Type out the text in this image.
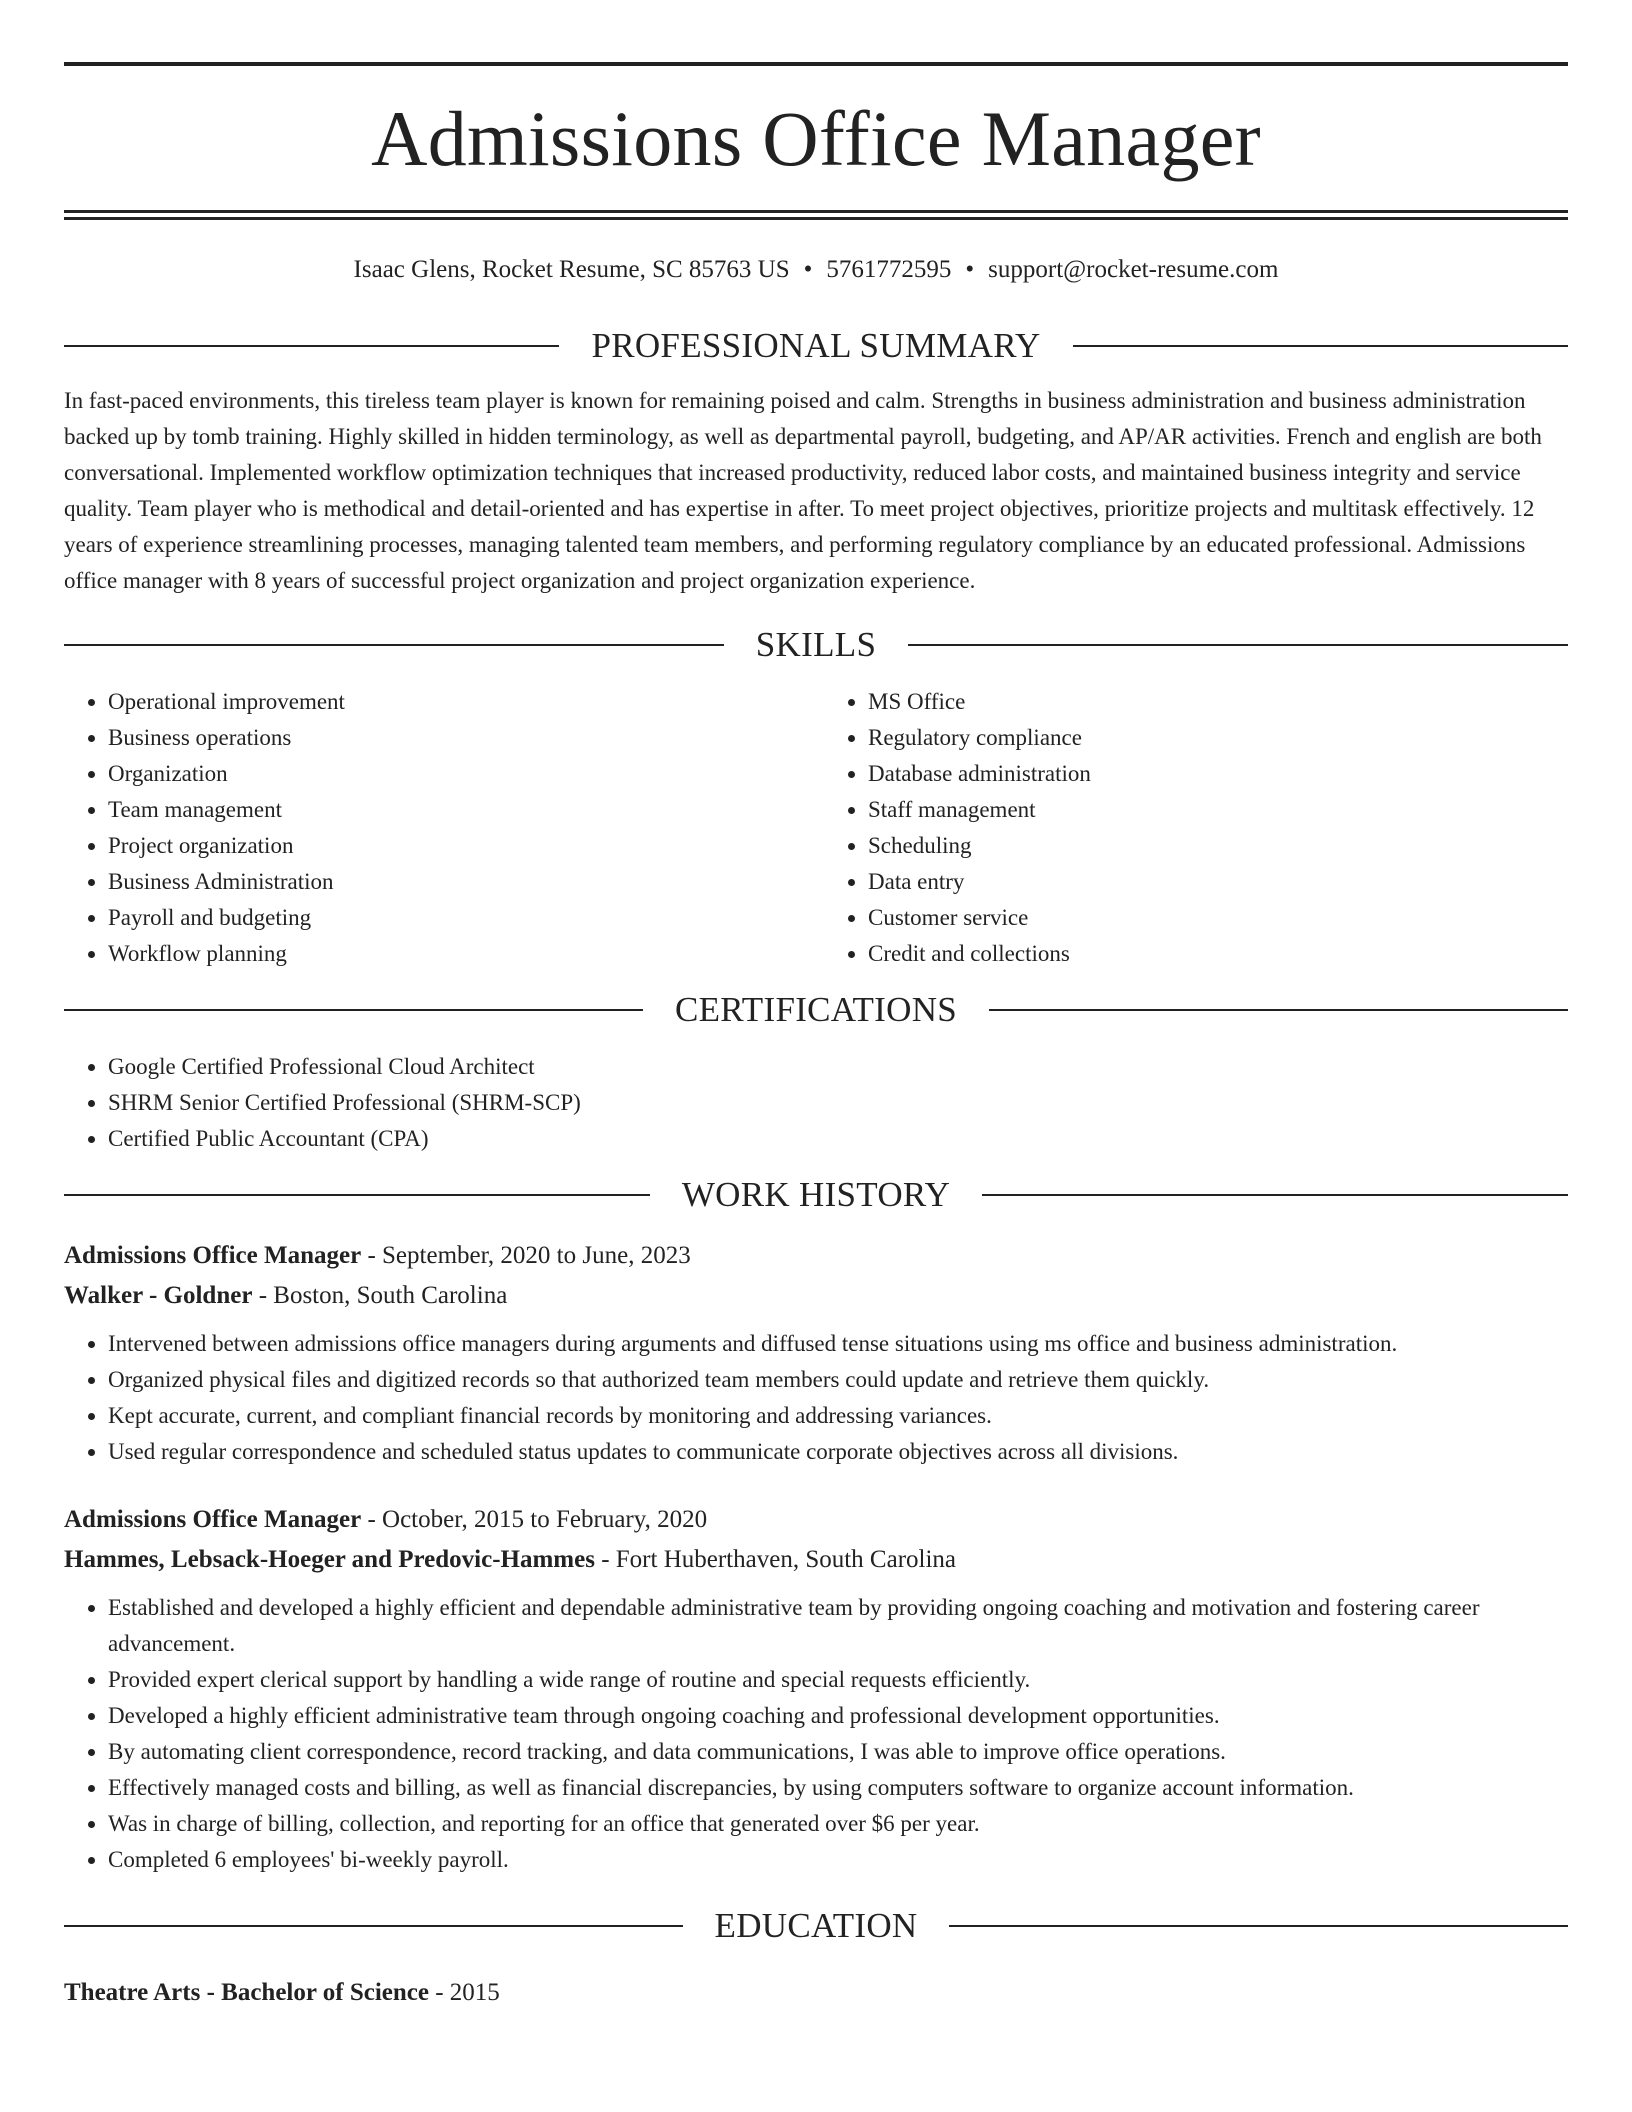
Admissions Office Manager
Isaac Glens, Rocket Resume, SC 85763 US • 5761772595 • support@rocket-resume.com
PROFESSIONAL SUMMARY
In fast-paced environments, this tireless team player is known for remaining poised and calm. Strengths in business administration and business administration backed up by tomb training. Highly skilled in hidden terminology, as well as departmental payroll, budgeting, and AP/AR activities. French and english are both conversational. Implemented workflow optimization techniques that increased productivity, reduced labor costs, and maintained business integrity and service quality. Team player who is methodical and detail-oriented and has expertise in after. To meet project objectives, prioritize projects and multitask effectively. 12 years of experience streamlining processes, managing talented team members, and performing regulatory compliance by an educated professional. Admissions office manager with 8 years of successful project organization and project organization experience.
SKILLS
• Operational improvement
• Business operations
• Organization
• Team management
• Project organization
• Business Administration
• Payroll and budgeting
• Workflow planning
• MS Office
• Regulatory compliance
• Database administration
• Staff management
• Scheduling
• Data entry
• Customer service
• Credit and collections
CERTIFICATIONS
• Google Certified Professional Cloud Architect
• SHRM Senior Certified Professional (SHRM-SCP)
• Certified Public Accountant (CPA)
WORK HISTORY
Admissions Office Manager - September, 2020 to June, 2023
Walker - Goldner - Boston, South Carolina
• Intervened between admissions office managers during arguments and diffused tense situations using ms office and business administration.
• Organized physical files and digitized records so that authorized team members could update and retrieve them quickly.
• Kept accurate, current, and compliant financial records by monitoring and addressing variances.
• Used regular correspondence and scheduled status updates to communicate corporate objectives across all divisions.
Admissions Office Manager - October, 2015 to February, 2020
Hammes, Lebsack-Hoeger and Predovic-Hammes - Fort Huberthaven, South Carolina
• Established and developed a highly efficient and dependable administrative team by providing ongoing coaching and motivation and fostering career advancement.
• Provided expert clerical support by handling a wide range of routine and special requests efficiently.
• Developed a highly efficient administrative team through ongoing coaching and professional development opportunities.
• By automating client correspondence, record tracking, and data communications, I was able to improve office operations.
• Effectively managed costs and billing, as well as financial discrepancies, by using computers software to organize account information.
• Was in charge of billing, collection, and reporting for an office that generated over $6 per year.
• Completed 6 employees' bi-weekly payroll.
EDUCATION
Theatre Arts - Bachelor of Science - 2015
